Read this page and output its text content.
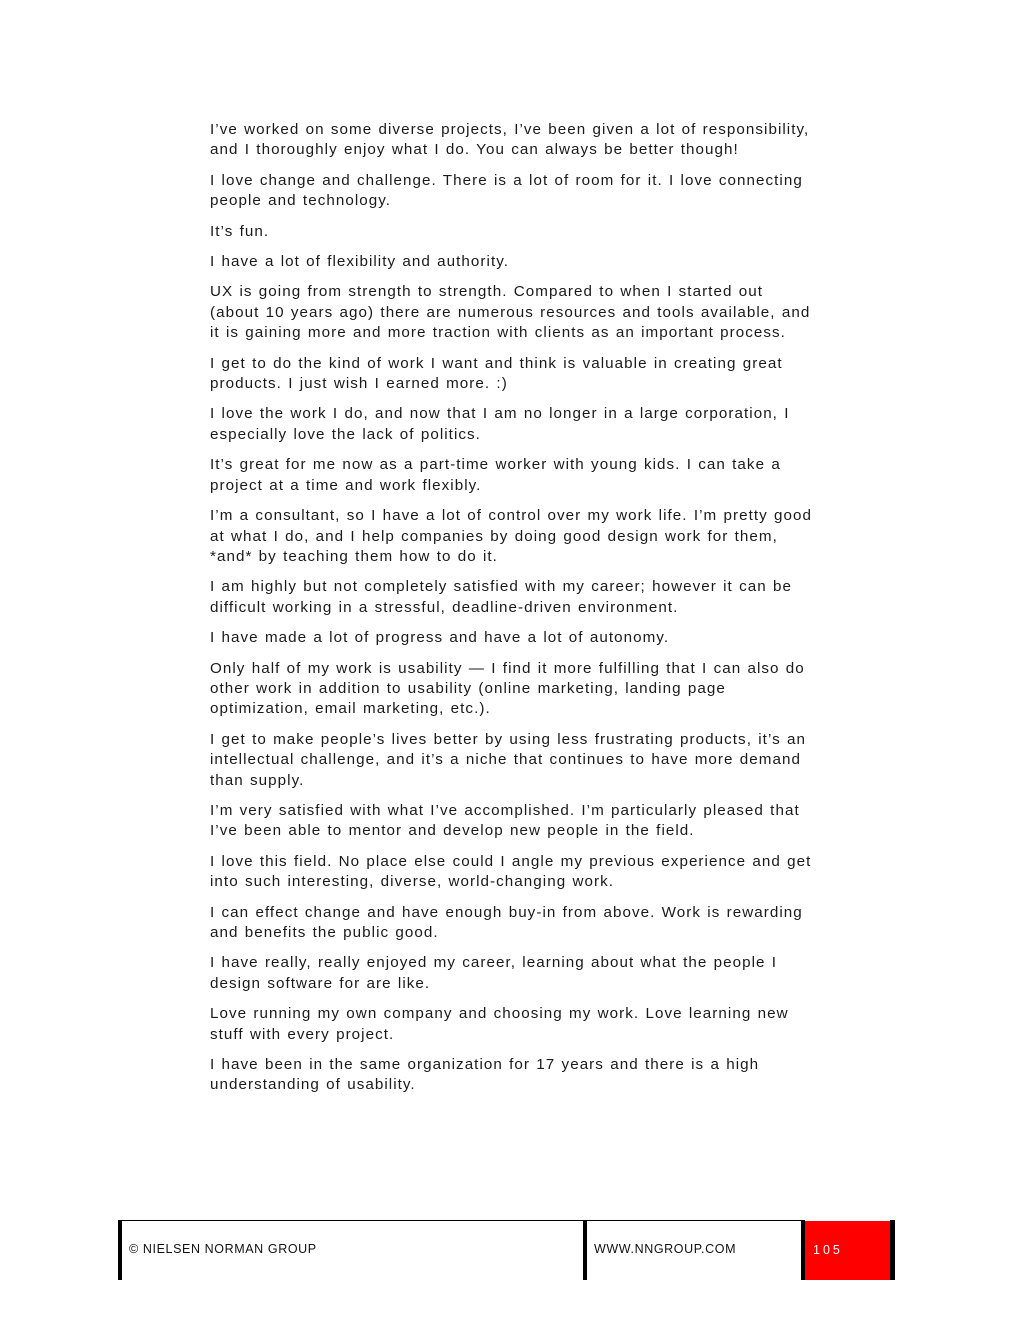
I’ve worked on some diverse projects, I’ve been given a lot of responsibility, and I thoroughly enjoy what I do. You can always be better though!

I love change and challenge. There is a lot of room for it. I love connecting people and technology.

It’s fun.

I have a lot of flexibility and authority.

UX is going from strength to strength. Compared to when I started out (about 10 years ago) there are numerous resources and tools available, and it is gaining more and more traction with clients as an important process.

I get to do the kind of work I want and think is valuable in creating great products. I just wish I earned more. :)

I love the work I do, and now that I am no longer in a large corporation, I especially love the lack of politics.

It’s great for me now as a part-time worker with young kids. I can take a project at a time and work flexibly.

I’m a consultant, so I have a lot of control over my work life. I’m pretty good at what I do, and I help companies by doing good design work for them, *and* by teaching them how to do it.

I am highly but not completely satisfied with my career; however it can be difficult working in a stressful, deadline-driven environment.

I have made a lot of progress and have a lot of autonomy.

Only half of my work is usability — I find it more fulfilling that I can also do other work in addition to usability (online marketing, landing page optimization, email marketing, etc.).

I get to make people’s lives better by using less frustrating products, it’s an intellectual challenge, and it’s a niche that continues to have more demand than supply.

I’m very satisfied with what I’ve accomplished. I’m particularly pleased that I’ve been able to mentor and develop new people in the field.

I love this field. No place else could I angle my previous experience and get into such interesting, diverse, world-changing work.

I can effect change and have enough buy-in from above. Work is rewarding and benefits the public good.

I have really, really enjoyed my career, learning about what the people I design software for are like.

Love running my own company and choosing my work. Love learning new stuff with every project.

I have been in the same organization for 17 years and there is a high understanding of usability.

© NIELSEN NORMAN GROUP	WWW.NNGROUP.COM	105
